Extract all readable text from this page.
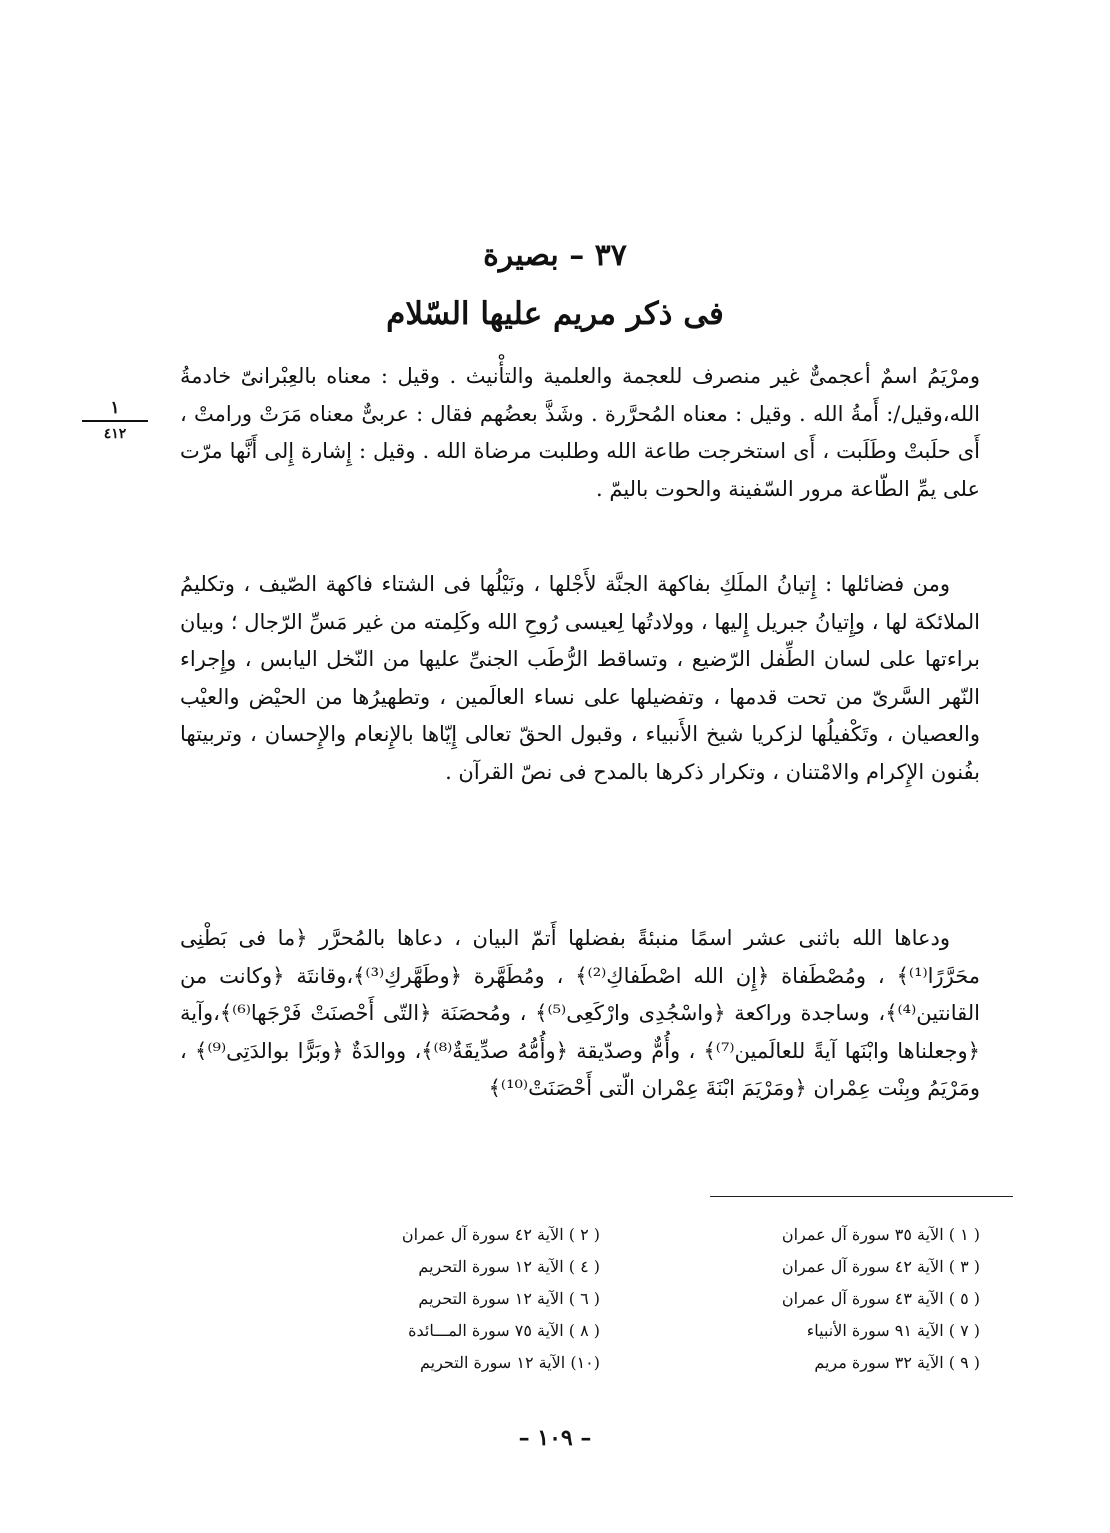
٣٧ – بصيرة
فى ذكر مريم عليها السّلام
١
٤١٢

ومرْيَمُ اسمٌ أعجمىٌّ غير منصرف للعجمة والعلمية والتأْنيث . وقيل : معناه بالعِبْرانىّ خادمةُ الله،وقيل/: أَمةُ الله . وقيل : معناه المُحرَّرة . وشَذَّ بعضُهم فقال : عربىٌّ معناه مَرَتْ ورامتْ ، أَى حلَبتْ وطَلَبت ، أَى استخرجت طاعة الله وطلبت مرضاة الله . وقيل : إِشارة إِلى أَنَّها مرّت على يمِّ الطّاعة مرور السّفينة والحوت باليمّ .

ومن فضائلها : إِتيانُ الملَكِ بفاكهة الجنَّة لأَجْلها ، ونَيْلُها فى الشتاء فاكهة الصّيف ، وتكليمُ الملائكة لها ، وإِتيانُ جبريل إِليها ، وولادتُها لِعيسى رُوحِ الله وكَلِمته من غير مَسِّ الرّجال ؛ وبيان براءتها على لسان الطِّفل الرّضيع ، وتساقط الرُّطَب الجنىِّ عليها من النّخل اليابس ، وإِجراء النّهر السَّرىّ من تحت قدمها ، وتفضيلها على نساء العالَمين ، وتطهيرُها من الحيْض والعيْب والعصيان ، وتَكْفيلُها لزكريا شيخ الأَنبياء ، وقبول الحقّ تعالى إِيّاها بالإِنعام والإِحسان ، وتربيتها بفُنون الإِكرام والامْتنان ، وتكرار ذكرها بالمدح فى نصّ القرآن .

ودعاها الله باثنى عشر اسمًا منبئةً بفضلها أَتمّ البيان ، دعاها بالمُحرَّر ﴿ما فى بَطْنِى محَرَّرًا⁽¹⁾﴾ ، ومُصْطَفاة ﴿إِن الله اصْطَفاكِ⁽²⁾﴾ ، ومُطَهَّرة ﴿وطَهَّركِ⁽³⁾﴾،وقانتَة ﴿وكانت من القانتين⁽⁴⁾﴾، وساجدة وراكعة ﴿واسْجُدِى وارْكَعِى⁽⁵⁾﴾ ، ومُحصَنَة ﴿التّى أَحْصنَتْ فَرْجَها⁽⁶⁾﴾،وآية ﴿وجعلناها وابْنَها آيةً للعالَمين⁽⁷⁾﴾ ، وأُمٌّ وصدّيقة ﴿وأُمُّهُ صدِّيقَةٌ⁽⁸⁾﴾، ووالدَةٌ ﴿وبَرًّا بوالدَتِى⁽⁹⁾﴾ ، ومَرْيَمُ وبِنْت عِمْران ﴿ومَرْيَمَ ابْنَةَ عِمْران الّتى أَحْصَنَتْ⁽¹⁰⁾﴾

( ١ ) الآية ٣٥ سورة آل عمران
( ٢ ) الآية ٤٢ سورة آل عمران
( ٣ ) الآية ٤٢ سورة آل عمران
( ٤ ) الآية ١٢ سورة التحريم
( ٥ ) الآية ٤٣ سورة آل عمران
( ٦ ) الآية ١٢ سورة التحريم
( ٧ ) الآية ٩١ سورة الأنبياء
( ٨ ) الآية ٧٥ سورة المـــائدة
( ٩ ) الآية ٣٢ سورة مريم
(١٠) الآية ١٢ سورة التحريم
– ١٠٩ –
